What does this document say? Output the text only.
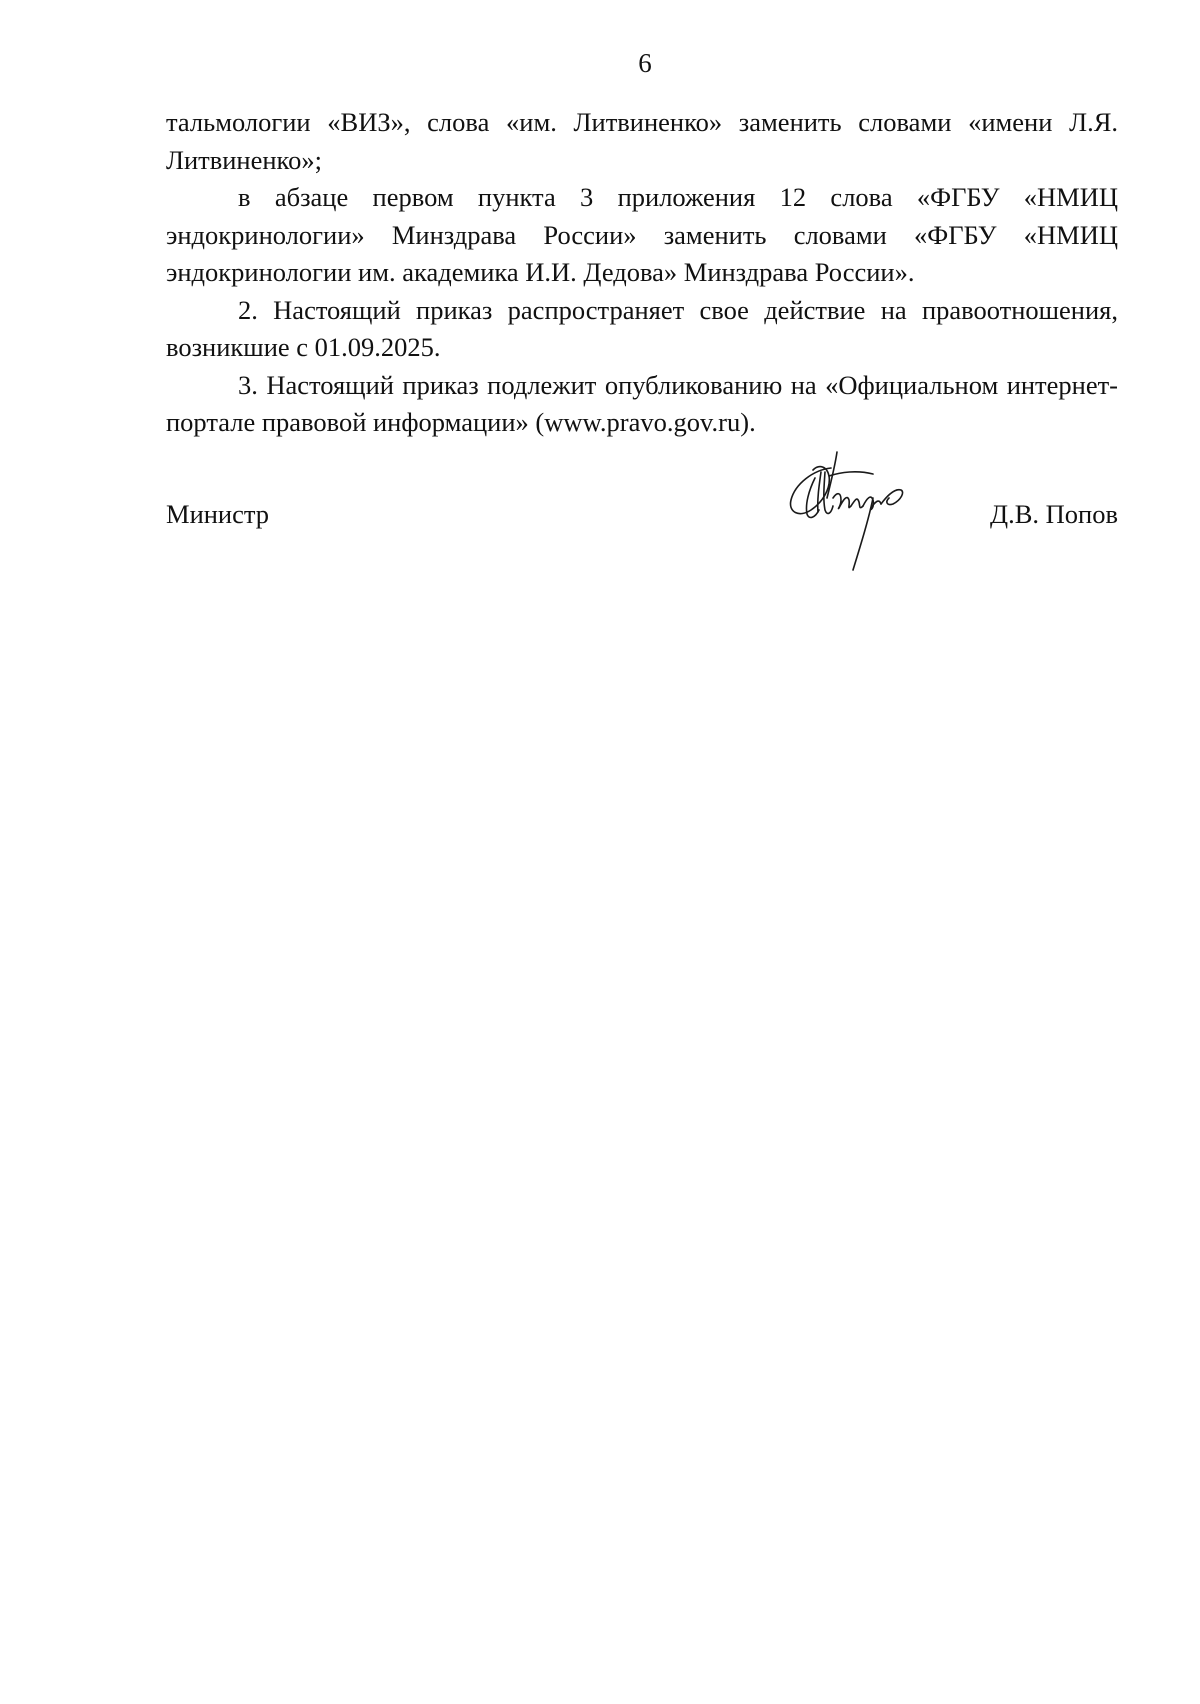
6

тальмологии «ВИЗ», слова «им. Литвиненко» заменить словами «имени Л.Я. Литвиненко»;

в абзаце первом пункта 3 приложения 12 слова «ФГБУ «НМИЦ эндокринологии» Минздрава России» заменить словами «ФГБУ «НМИЦ эндокринологии им. академика И.И. Дедова» Минздрава России».

2. Настоящий приказ распространяет свое действие на правоотношения, возникшие с 01.09.2025.

3. Настоящий приказ подлежит опубликованию на «Официальном интернет-портале правовой информации» (www.pravo.gov.ru).

Министр	Д.В. Попов
